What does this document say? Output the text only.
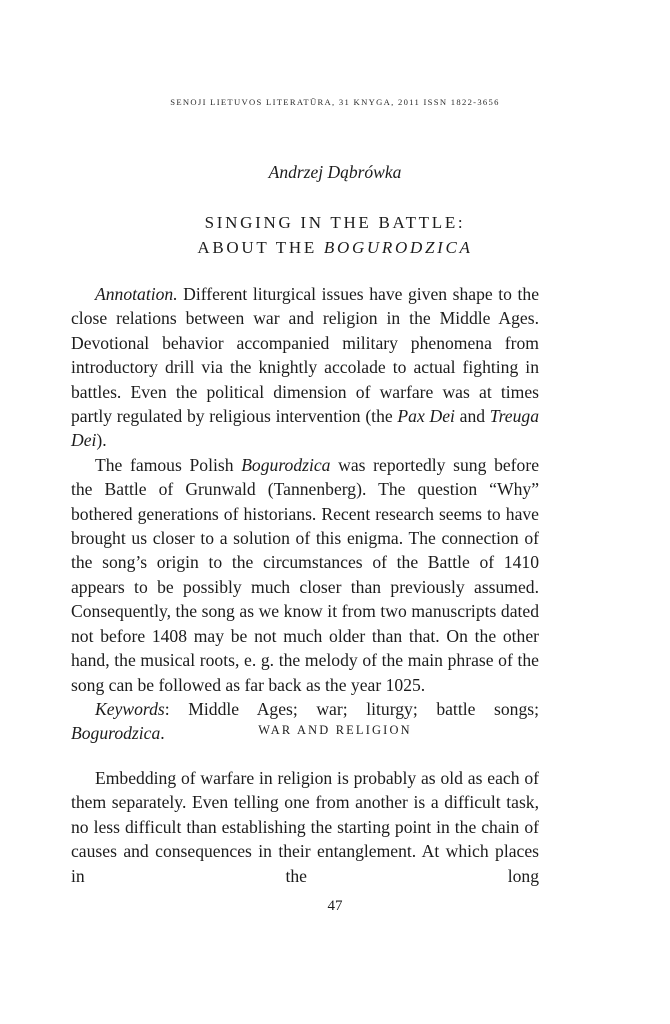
SENOJI LIETUVOS LITERATŪRA, 31 KNYGA, 2011 ISSN 1822-3656
Andrzej Dąbrówka
SINGING IN THE BATTLE:
ABOUT THE BOGURODZICA

Annotation. Different liturgical issues have given shape to the close relations between war and religion in the Middle Ages. Devotional behavior accompanied military phenomena from introductory drill via the knightly accolade to actual fighting in battles. Even the political dimension of warfare was at times partly regulated by religious intervention (the Pax Dei and Treuga Dei).

The famous Polish Bogurodzica was reportedly sung before the Battle of Grunwald (Tannenberg). The question “Why” bothered generations of historians. Recent research seems to have brought us closer to a solution of this enigma. The connection of the song’s origin to the circumstances of the Battle of 1410 appears to be possibly much closer than previously assumed. Consequently, the song as we know it from two manuscripts dated not before 1408 may be not much older than that. On the other hand, the musical roots, e. g. the melody of the main phrase of the song can be followed as far back as the year 1025.

Keywords: Middle Ages; war; liturgy; battle songs; Bogurodzica.	WAR AND RELIGION

Embedding of warfare in religion is probably as old as each of them separately. Even telling one from another is a difficult task, no less difficult than establishing the starting point in the chain of causes and consequences in their entanglement. At which places in the long

47
